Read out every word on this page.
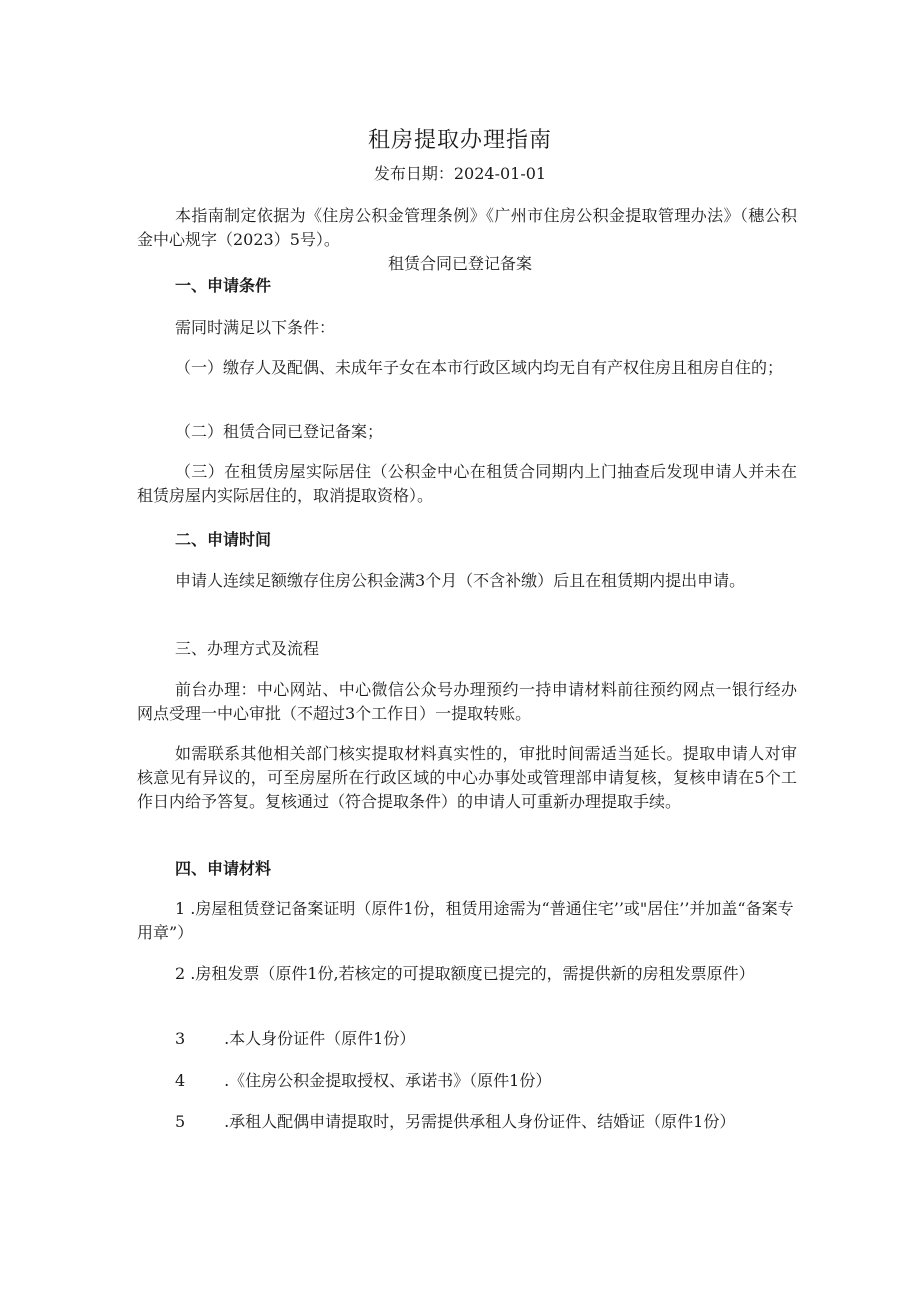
租房提取办理指南
发布日期：2024-01-01

本指南制定依据为《住房公积金管理条例》《广州市住房公积金提取管理办法》（穗公积金中心规字（2023）5号）。

租赁合同已登记备案
一、申请条件

需同时满足以下条件：

（一）缴存人及配偶、未成年子女在本市行政区域内均无自有产权住房且租房自住的；

（二）租赁合同已登记备案；

（三）在租赁房屋实际居住（公积金中心在租赁合同期内上门抽查后发现申请人并未在租赁房屋内实际居住的，取消提取资格）。

二、申请时间

申请人连续足额缴存住房公积金满3个月（不含补缴）后且在租赁期内提出申请。

三、办理方式及流程

前台办理：中心网站、中心微信公众号办理预约一持申请材料前往预约网点一银行经办网点受理一中心审批（不超过3个工作日）一提取转账。

如需联系其他相关部门核实提取材料真实性的，审批时间需适当延长。提取申请人对审核意见有异议的，可至房屋所在行政区域的中心办事处或管理部申请复核，复核申请在5个工作日内给予答复。复核通过（符合提取条件）的申请人可重新办理提取手续。

四、申请材料

1 .房屋租赁登记备案证明（原件1份，租赁用途需为“普通住宅’’或"居住’’并加盖“备案专用章”）

2 .房租发票（原件1份,若核定的可提取额度已提完的，需提供新的房租发票原件）

3 .本人身份证件（原件1份）

4 .《住房公积金提取授权、承诺书》（原件1份）

5 .承租人配偶申请提取时，另需提供承租人身份证件、结婚证（原件1份）
